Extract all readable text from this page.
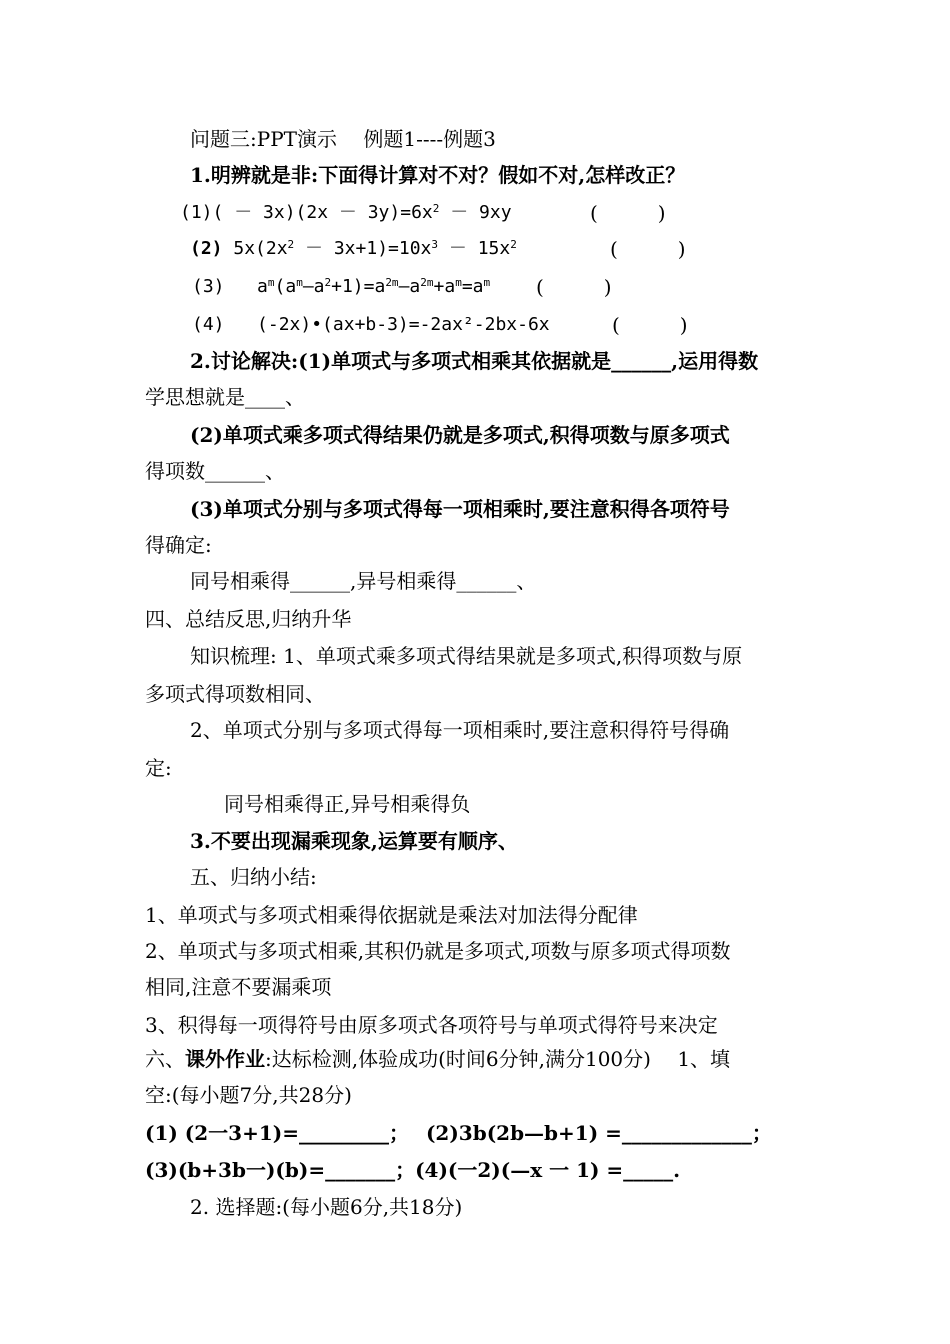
问题三:PPT演示　 例题1----例题3
1.明辨就是非:下面得计算对不对？假如不对,怎样改正？
$(1)( - 3x)(2x - 3y)=6x^2 - 9xy$	(　　　)
(2) $5x(2x^2 - 3x+1)=10x^3 - 15x^2$	(　　　)
(3) $a^m(a^m—a^2+1)=a^{2m}—a^{2m}+a^m=a^m$ (　　　)
(4) (-2x)•(ax+b-3)=-2ax²-2bx-6x	(　　　)
2.讨论解决:(1)单项式与多项式相乘其依据就是______,运用得数
学思想就是____、
(2)单项式乘多项式得结果仍就是多项式,积得项数与原多项式
得项数______、
(3)单项式分别与多项式得每一项相乘时,要注意积得各项符号
得确定:
同号相乘得______,异号相乘得______、
四、总结反思,归纳升华
知识梳理: 1、单项式乘多项式得结果就是多项式,积得项数与原
多项式得项数相同、
2、单项式分别与多项式得每一项相乘时,要注意积得符号得确
定:
同号相乘得正,异号相乘得负
3.不要出现漏乘现象,运算要有顺序、
五、归纳小结:
1、单项式与多项式相乘得依据就是乘法对加法得分配律
2、单项式与多项式相乘,其积仍就是多项式,项数与原多项式得项数
相同,注意不要漏乘项
3、积得每一项得符号由原多项式各项符号与单项式得符号来决定
六、课外作业:达标检测,体验成功(时间6分钟,满分100分)　 1、填
空:(每小题7分,共28分)
(1) (2一3+1)=_________；　 (2)3b(2b—b+1) =_____________；
(3)(b+3b一)(b)=_______；(4)(一2)(—x 一 1) =_____.
2. 选择题:(每小题6分,共18分)
